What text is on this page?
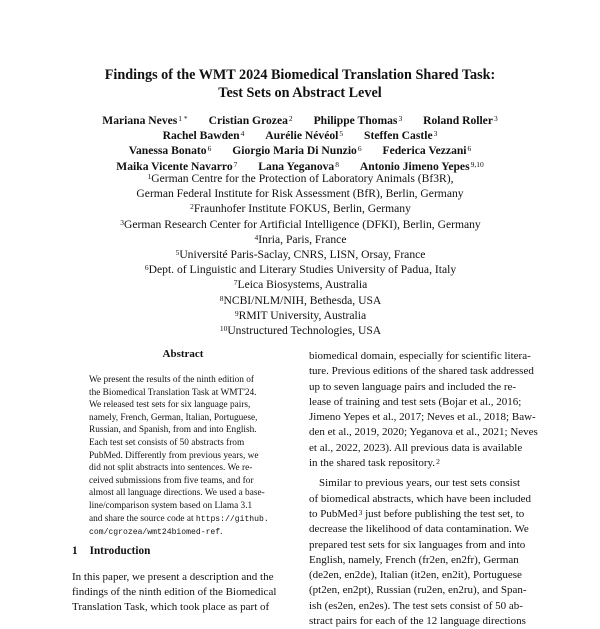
Findings of the WMT 2024 Biomedical Translation Shared Task:
Test Sets on Abstract Level
Mariana Neves$^{1 *}$ Cristian Grozea$^2$ Philippe Thomas$^3$ Roland Roller$^3$
Rachel Bawden$^4$ Aurélie Névéol$^5$ Steffen Castle$^3$
Vanessa Bonato$^6$ Giorgio Maria Di Nunzio$^6$ Federica Vezzani$^6$
Maika Vicente Navarro$^7$ Lana Yeganova$^8$ Antonio Jimeno Yepes$^{9,10}$
$^1$German Centre for the Protection of Laboratory Animals (Bf3R),
German Federal Institute for Risk Assessment (BfR), Berlin, Germany
$^2$Fraunhofer Institute FOKUS, Berlin, Germany
$^3$German Research Center for Artificial Intelligence (DFKI), Berlin, Germany
$^4$Inria, Paris, France
$^5$Université Paris-Saclay, CNRS, LISN, Orsay, France
$^6$Dept. of Linguistic and Literary Studies University of Padua, Italy
$^7$Leica Biosystems, Australia
$^8$NCBI/NLM/NIH, Bethesda, USA
$^9$RMIT University, Australia
$^{10}$Unstructured Technologies, USA
Abstract
We present the results of the ninth edition of
the Biomedical Translation Task at WMT'24.
We released test sets for six language pairs,
namely, French, German, Italian, Portuguese,
Russian, and Spanish, from and into English.
Each test set consists of 50 abstracts from
PubMed. Differently from previous years, we
did not split abstracts into sentences. We re-
ceived submissions from five teams, and for
almost all language directions. We used a base-
line/comparison system based on Llama 3.1
and share the source code at https://github.
com/cgrozea/wmt24biomed-ref.
1 Introduction
In this paper, we present a description and the
findings of the ninth edition of the Biomedical
Translation Task, which took place as part of
biomedical domain, especially for scientific litera-
ture. Previous editions of the shared task addressed
up to seven language pairs and included the re-
lease of training and test sets (Bojar et al., 2016;
Jimeno Yepes et al., 2017; Neves et al., 2018; Baw-
den et al., 2019, 2020; Yeganova et al., 2021; Neves
et al., 2022, 2023). All previous data is available
in the shared task repository.$^2$
Similar to previous years, our test sets consist
of biomedical abstracts, which have been included
to PubMed$^3$ just before publishing the test set, to
decrease the likelihood of data contamination. We
prepared test sets for six languages from and into
English, namely, French (fr2en, en2fr), German
(de2en, en2de), Italian (it2en, en2it), Portuguese
(pt2en, en2pt), Russian (ru2en, en2ru), and Span-
ish (es2en, en2es). The test sets consist of 50 ab-
stract pairs for each of the 12 language directions
